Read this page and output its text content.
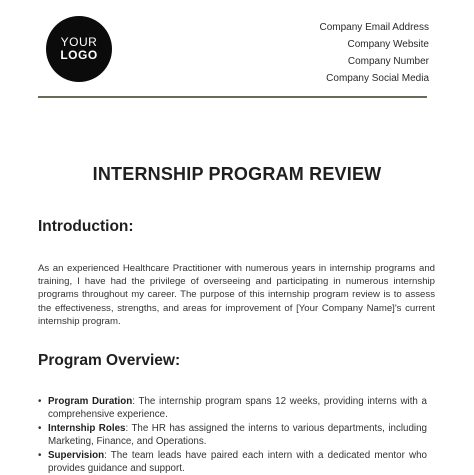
YOUR
LOGO
Company Email Address
Company Website
Company Number
Company Social Media
INTERNSHIP PROGRAM REVIEW
Introduction:

As an experienced Healthcare Practitioner with numerous years in internship programs and training, I have had the privilege of overseeing and participating in numerous internship programs throughout my career. The purpose of this internship program review is to assess the effectiveness, strengths, and areas for improvement of [Your Company Name]'s current internship program.

Program Overview:
• Program Duration: The internship program spans 12 weeks, providing interns with a comprehensive experience.
• Internship Roles: The HR has assigned the interns to various departments, including Marketing, Finance, and Operations.
• Supervision: The team leads have paired each intern with a dedicated mentor who provides guidance and support.
